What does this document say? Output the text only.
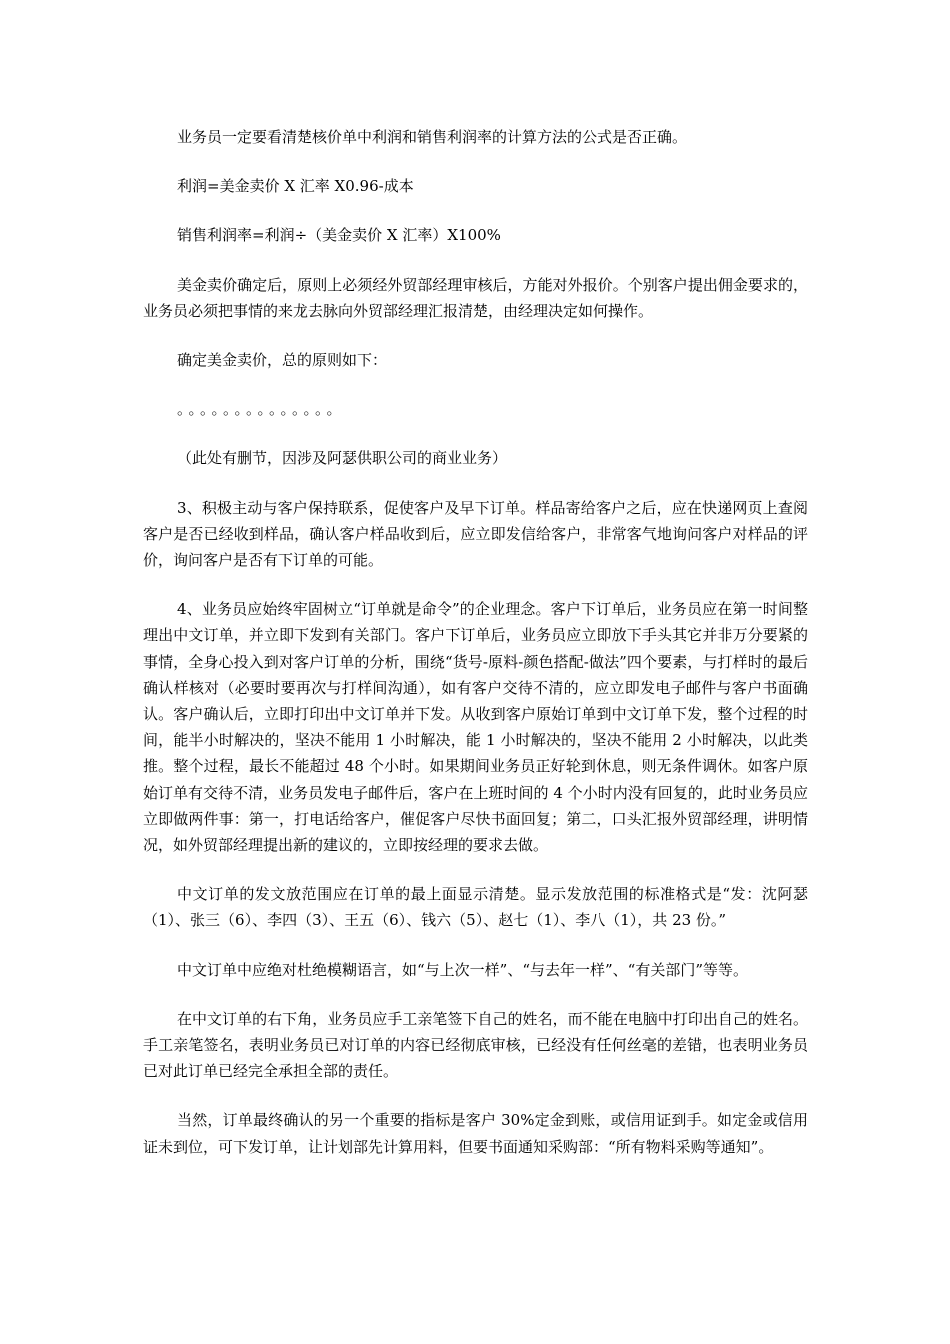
业务员一定要看清楚核价单中利润和销售利润率的计算方法的公式是否正确。

利润=美金卖价 X 汇率 X0.96-成本

销售利润率=利润÷（美金卖价 X 汇率）X100%

美金卖价确定后，原则上必须经外贸部经理审核后，方能对外报价。个别客户提出佣金要求的，业务员必须把事情的来龙去脉向外贸部经理汇报清楚，由经理决定如何操作。

确定美金卖价，总的原则如下：

。。。。。。。。。。。。。。

（此处有删节，因涉及阿瑟供职公司的商业业务）

3、积极主动与客户保持联系，促使客户及早下订单。样品寄给客户之后，应在快递网页上查阅客户是否已经收到样品，确认客户样品收到后，应立即发信给客户，非常客气地询问客户对样品的评价，询问客户是否有下订单的可能。

4、业务员应始终牢固树立“订单就是命令”的企业理念。客户下订单后，业务员应在第一时间整理出中文订单，并立即下发到有关部门。客户下订单后，业务员应立即放下手头其它并非万分要紧的事情，全身心投入到对客户订单的分析，围绕“货号-原料-颜色搭配-做法”四个要素，与打样时的最后确认样核对（必要时要再次与打样间沟通），如有客户交待不清的，应立即发电子邮件与客户书面确认。客户确认后，立即打印出中文订单并下发。从收到客户原始订单到中文订单下发，整个过程的时间，能半小时解决的，坚决不能用 1 小时解决，能 1 小时解决的，坚决不能用 2 小时解决，以此类推。整个过程，最长不能超过 48 个小时。如果期间业务员正好轮到休息，则无条件调休。如客户原始订单有交待不清，业务员发电子邮件后，客户在上班时间的 4 个小时内没有回复的，此时业务员应立即做两件事：第一，打电话给客户，催促客户尽快书面回复；第二，口头汇报外贸部经理，讲明情况，如外贸部经理提出新的建议的，立即按经理的要求去做。

中文订单的发文放范围应在订单的最上面显示清楚。显示发放范围的标准格式是“发：沈阿瑟（1）、张三（6）、李四（3）、王五（6）、钱六（5）、赵七（1）、李八（1），共 23 份。”

中文订单中应绝对杜绝模糊语言，如“与上次一样”、“与去年一样”、“有关部门”等等。

在中文订单的右下角，业务员应手工亲笔签下自己的姓名，而不能在电脑中打印出自己的姓名。手工亲笔签名，表明业务员已对订单的内容已经彻底审核，已经没有任何丝毫的差错，也表明业务员已对此订单已经完全承担全部的责任。

当然，订单最终确认的另一个重要的指标是客户 30%定金到账，或信用证到手。如定金或信用证未到位，可下发订单，让计划部先计算用料，但要书面通知采购部：“所有物料采购等通知”。
